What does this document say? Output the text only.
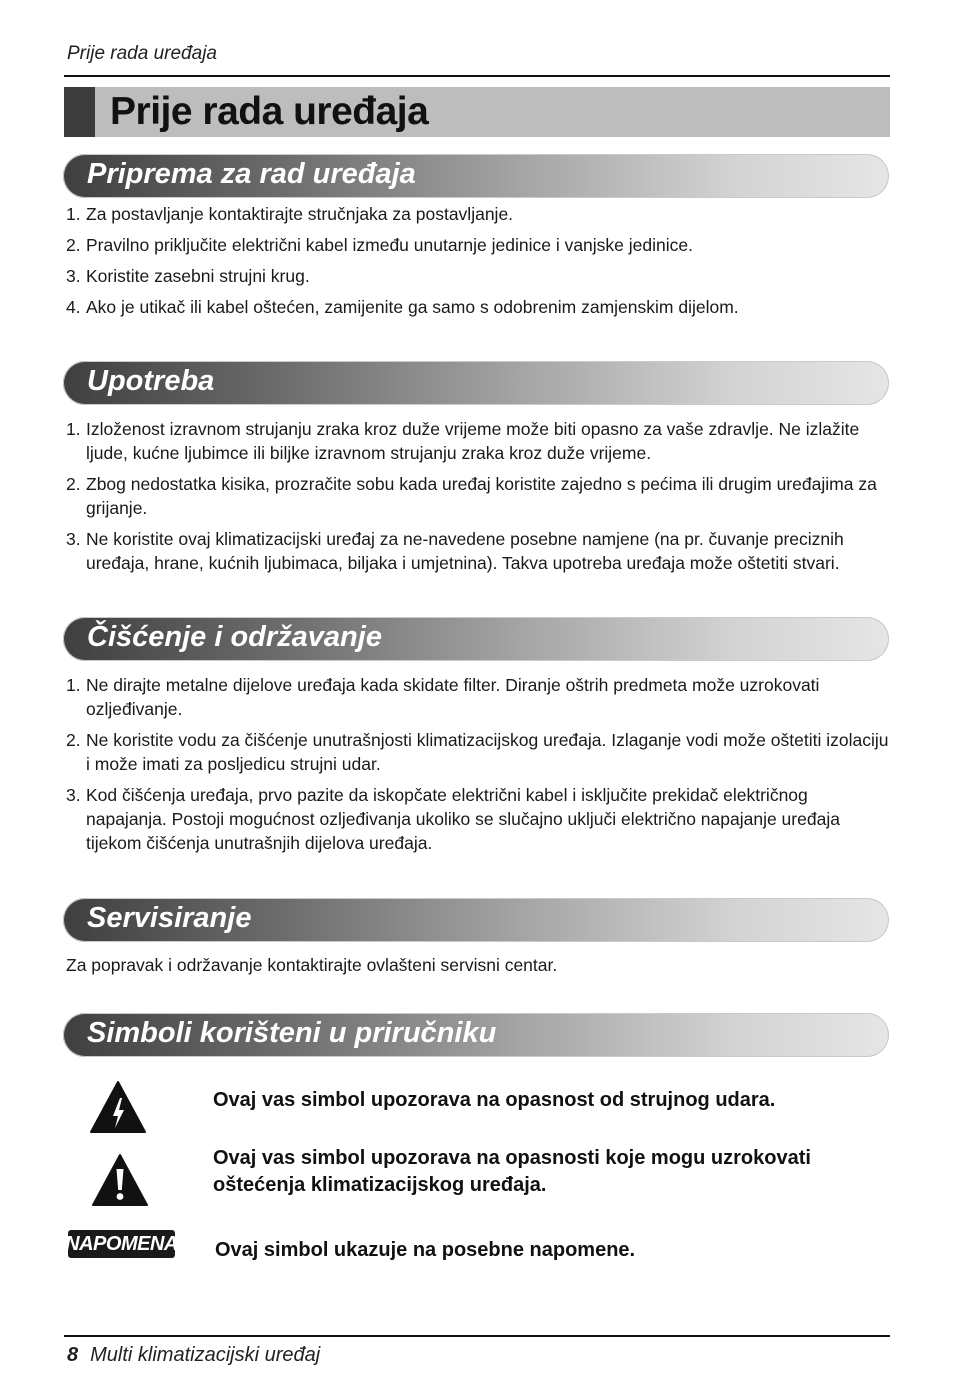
Prije rada uređaja
Prije rada uređaja
Priprema za rad uređaja
1. Za postavljanje kontaktirajte stručnjaka za postavljanje.
2. Pravilno priključite električni kabel između unutarnje jedinice i vanjske jedinice.
3. Koristite zasebni strujni krug.
4. Ako je utikač ili kabel oštećen, zamijenite ga samo s odobrenim zamjenskim dijelom.
Upotreba
1. Izloženost izravnom strujanju zraka kroz duže vrijeme može biti opasno za vaše zdravlje. Ne izlažite ljude, kućne ljubimce ili biljke izravnom strujanju zraka kroz duže vrijeme.
2. Zbog nedostatka kisika, prozračite sobu kada uređaj koristite zajedno s pećima ili drugim uređajima za grijanje.
3. Ne koristite ovaj klimatizacijski uređaj za ne-navedene posebne namjene (na pr. čuvanje preciznih uređaja, hrane, kućnih ljubimaca, biljaka i umjetnina). Takva upotreba uređaja može oštetiti stvari.
Čišćenje i održavanje
1. Ne dirajte metalne dijelove uređaja kada skidate filter. Diranje oštrih predmeta može uzrokovati ozljeđivanje.
2. Ne koristite vodu za čišćenje unutrašnjosti klimatizacijskog uređaja. Izlaganje vodi može oštetiti izolaciju i može imati za posljedicu strujni udar.
3. Kod čišćenja uređaja, prvo pazite da iskopčate električni kabel i isključite prekidač električnog napajanja. Postoji mogućnost ozljeđivanja ukoliko se slučajno uključi električno napajanje uređaja tijekom čišćenja unutrašnjih dijelova uređaja.
Servisiranje
Za popravak i održavanje kontaktirajte ovlašteni servisni centar.
Simboli korišteni u priručniku
Ovaj vas simbol upozorava na opasnost od strujnog udara.
Ovaj vas simbol upozorava na opasnosti koje mogu uzrokovati oštećenja klimatizacijskog uređaja.
NAPOMENA Ovaj simbol ukazuje na posebne napomene.
8 Multi klimatizacijski uređaj
